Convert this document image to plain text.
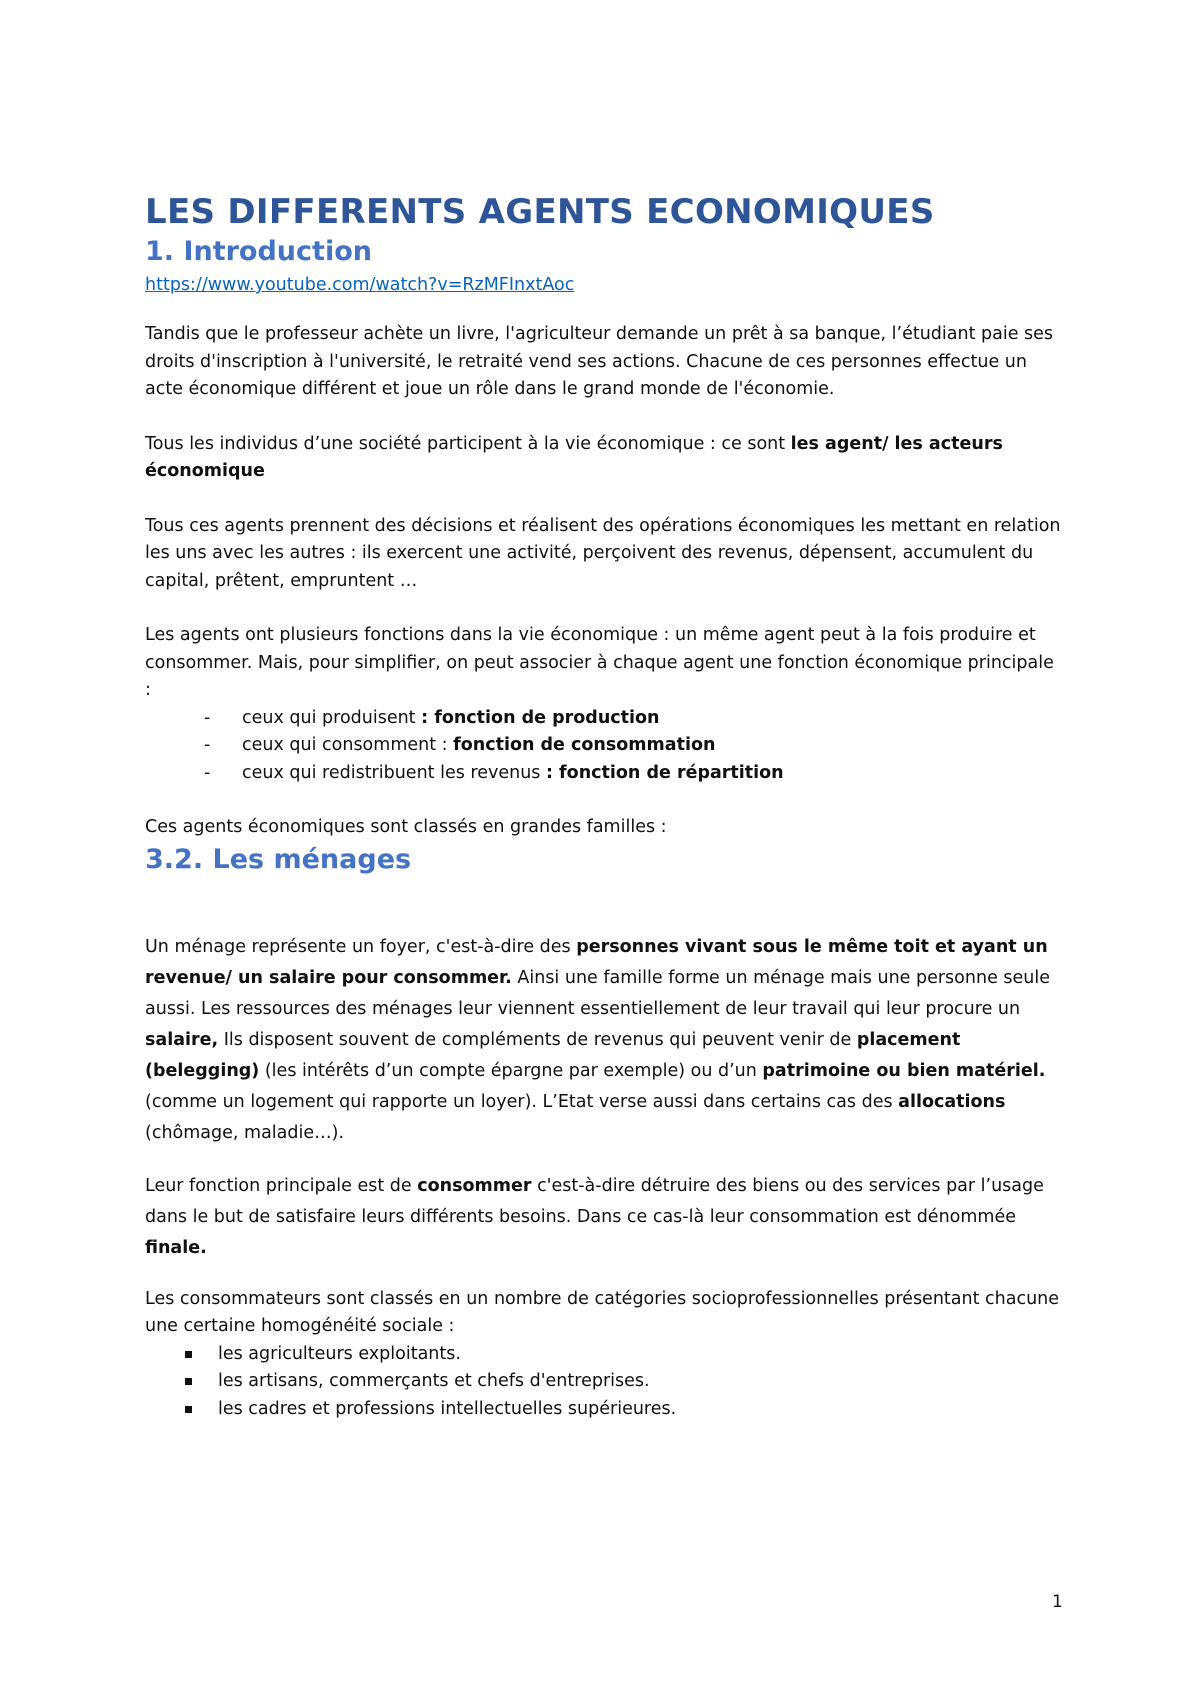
LES DIFFERENTS AGENTS ECONOMIQUES
1. Introduction
https://www.youtube.com/watch?v=RzMFInxtAoc

Tandis que le professeur achète un livre, l'agriculteur demande un prêt à sa banque, l’étudiant paie ses droits d'inscription à l'université, le retraité vend ses actions. Chacune de ces personnes effectue un acte économique différent et joue un rôle dans le grand monde de l'économie.

Tous les individus d’une société participent à la vie économique : ce sont les agent/ les acteurs économique

Tous ces agents prennent des décisions et réalisent des opérations économiques les mettant en relation les uns avec les autres : ils exercent une activité, perçoivent des revenus, dépensent, accumulent du capital, prêtent, empruntent …

Les agents ont plusieurs fonctions dans la vie économique : un même agent peut à la fois produire et consommer. Mais, pour simplifier, on peut associer à chaque agent une fonction économique principale :

- ceux qui produisent : fonction de production
- ceux qui consomment : fonction de consommation
- ceux qui redistribuent les revenus : fonction de répartition

Ces agents économiques sont classés en grandes familles :

3.2. Les ménages

Un ménage représente un foyer, c'est-à-dire des personnes vivant sous le même toit et ayant un revenue/ un salaire pour consommer. Ainsi une famille forme un ménage mais une personne seule aussi. Les ressources des ménages leur viennent essentiellement de leur travail qui leur procure un salaire, Ils disposent souvent de compléments de revenus qui peuvent venir de placement (belegging) (les intérêts d’un compte épargne par exemple) ou d’un patrimoine ou bien matériel. (comme un logement qui rapporte un loyer). L’Etat verse aussi dans certains cas des allocations (chômage, maladie…).

Leur fonction principale est de consommer c'est-à-dire détruire des biens ou des services par l’usage dans le but de satisfaire leurs différents besoins. Dans ce cas-là leur consommation est dénommée finale.

Les consommateurs sont classés en un nombre de catégories socioprofessionnelles présentant chacune une certaine homogénéité sociale :

les agriculteurs exploitants.
les artisans, commerçants et chefs d'entreprises.
les cadres et professions intellectuelles supérieures.
1
